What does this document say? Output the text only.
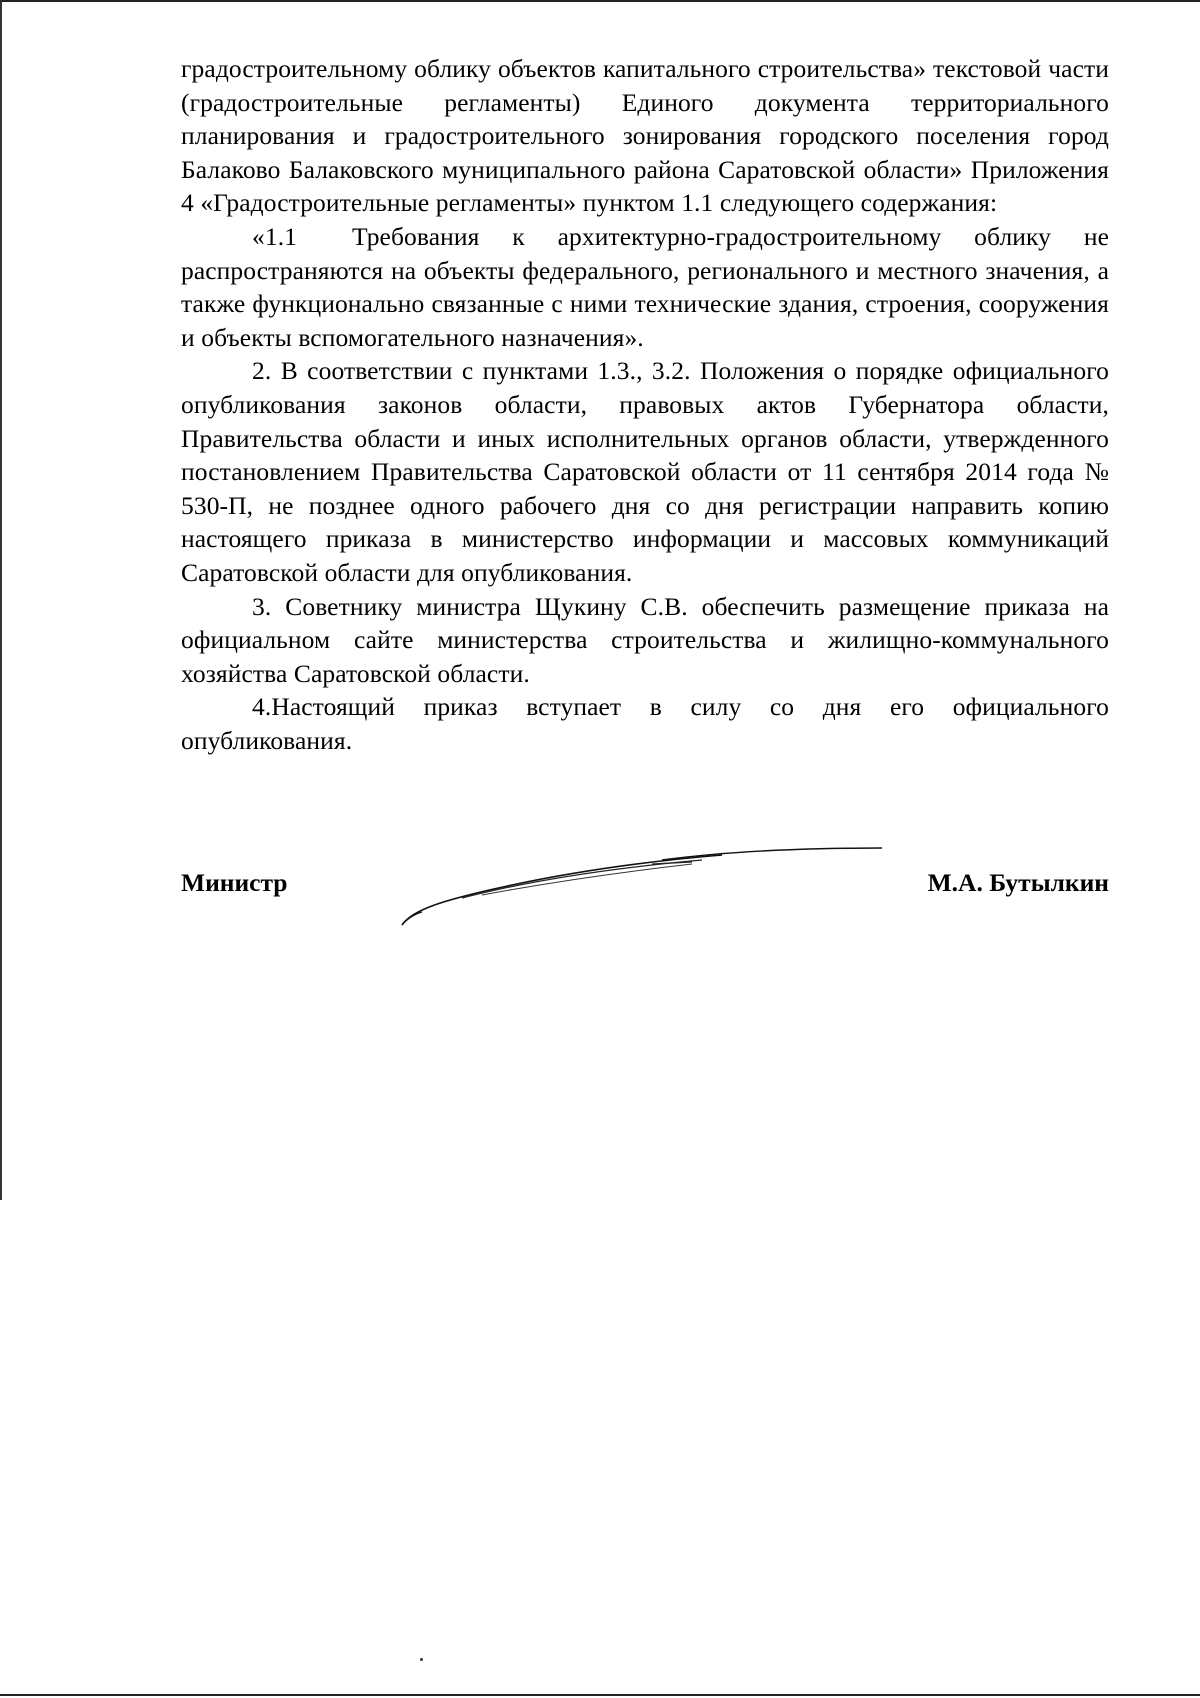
градостроительному облику объектов капитального строительства» текстовой части (градостроительные регламенты) Единого документа территориального планирования и градостроительного зонирования городского поселения город Балаково Балаковского муниципального района Саратовской области» Приложения 4 «Градостроительные регламенты» пунктом 1.1 следующего содержания:

«1.1 Требования к архитектурно-градостроительному облику не распространяются на объекты федерального, регионального и местного значения, а также функционально связанные с ними технические здания, строения, сооружения и объекты вспомогательного назначения».

2. В соответствии с пунктами 1.3., 3.2. Положения о порядке официального опубликования законов области, правовых актов Губернатора области, Правительства области и иных исполнительных органов области, утвержденного постановлением Правительства Саратовской области от 11 сентября 2014 года № 530-П, не позднее одного рабочего дня со дня регистрации направить копию настоящего приказа в министерство информации и массовых коммуникаций Саратовской области для опубликования.

3. Советнику министра Щукину С.В. обеспечить размещение приказа на официальном сайте министерства строительства и жилищно-коммунального хозяйства Саратовской области.

4.Настоящий приказ вступает в силу со дня его официального опубликования.

Министр	М.А. Бутылкин
